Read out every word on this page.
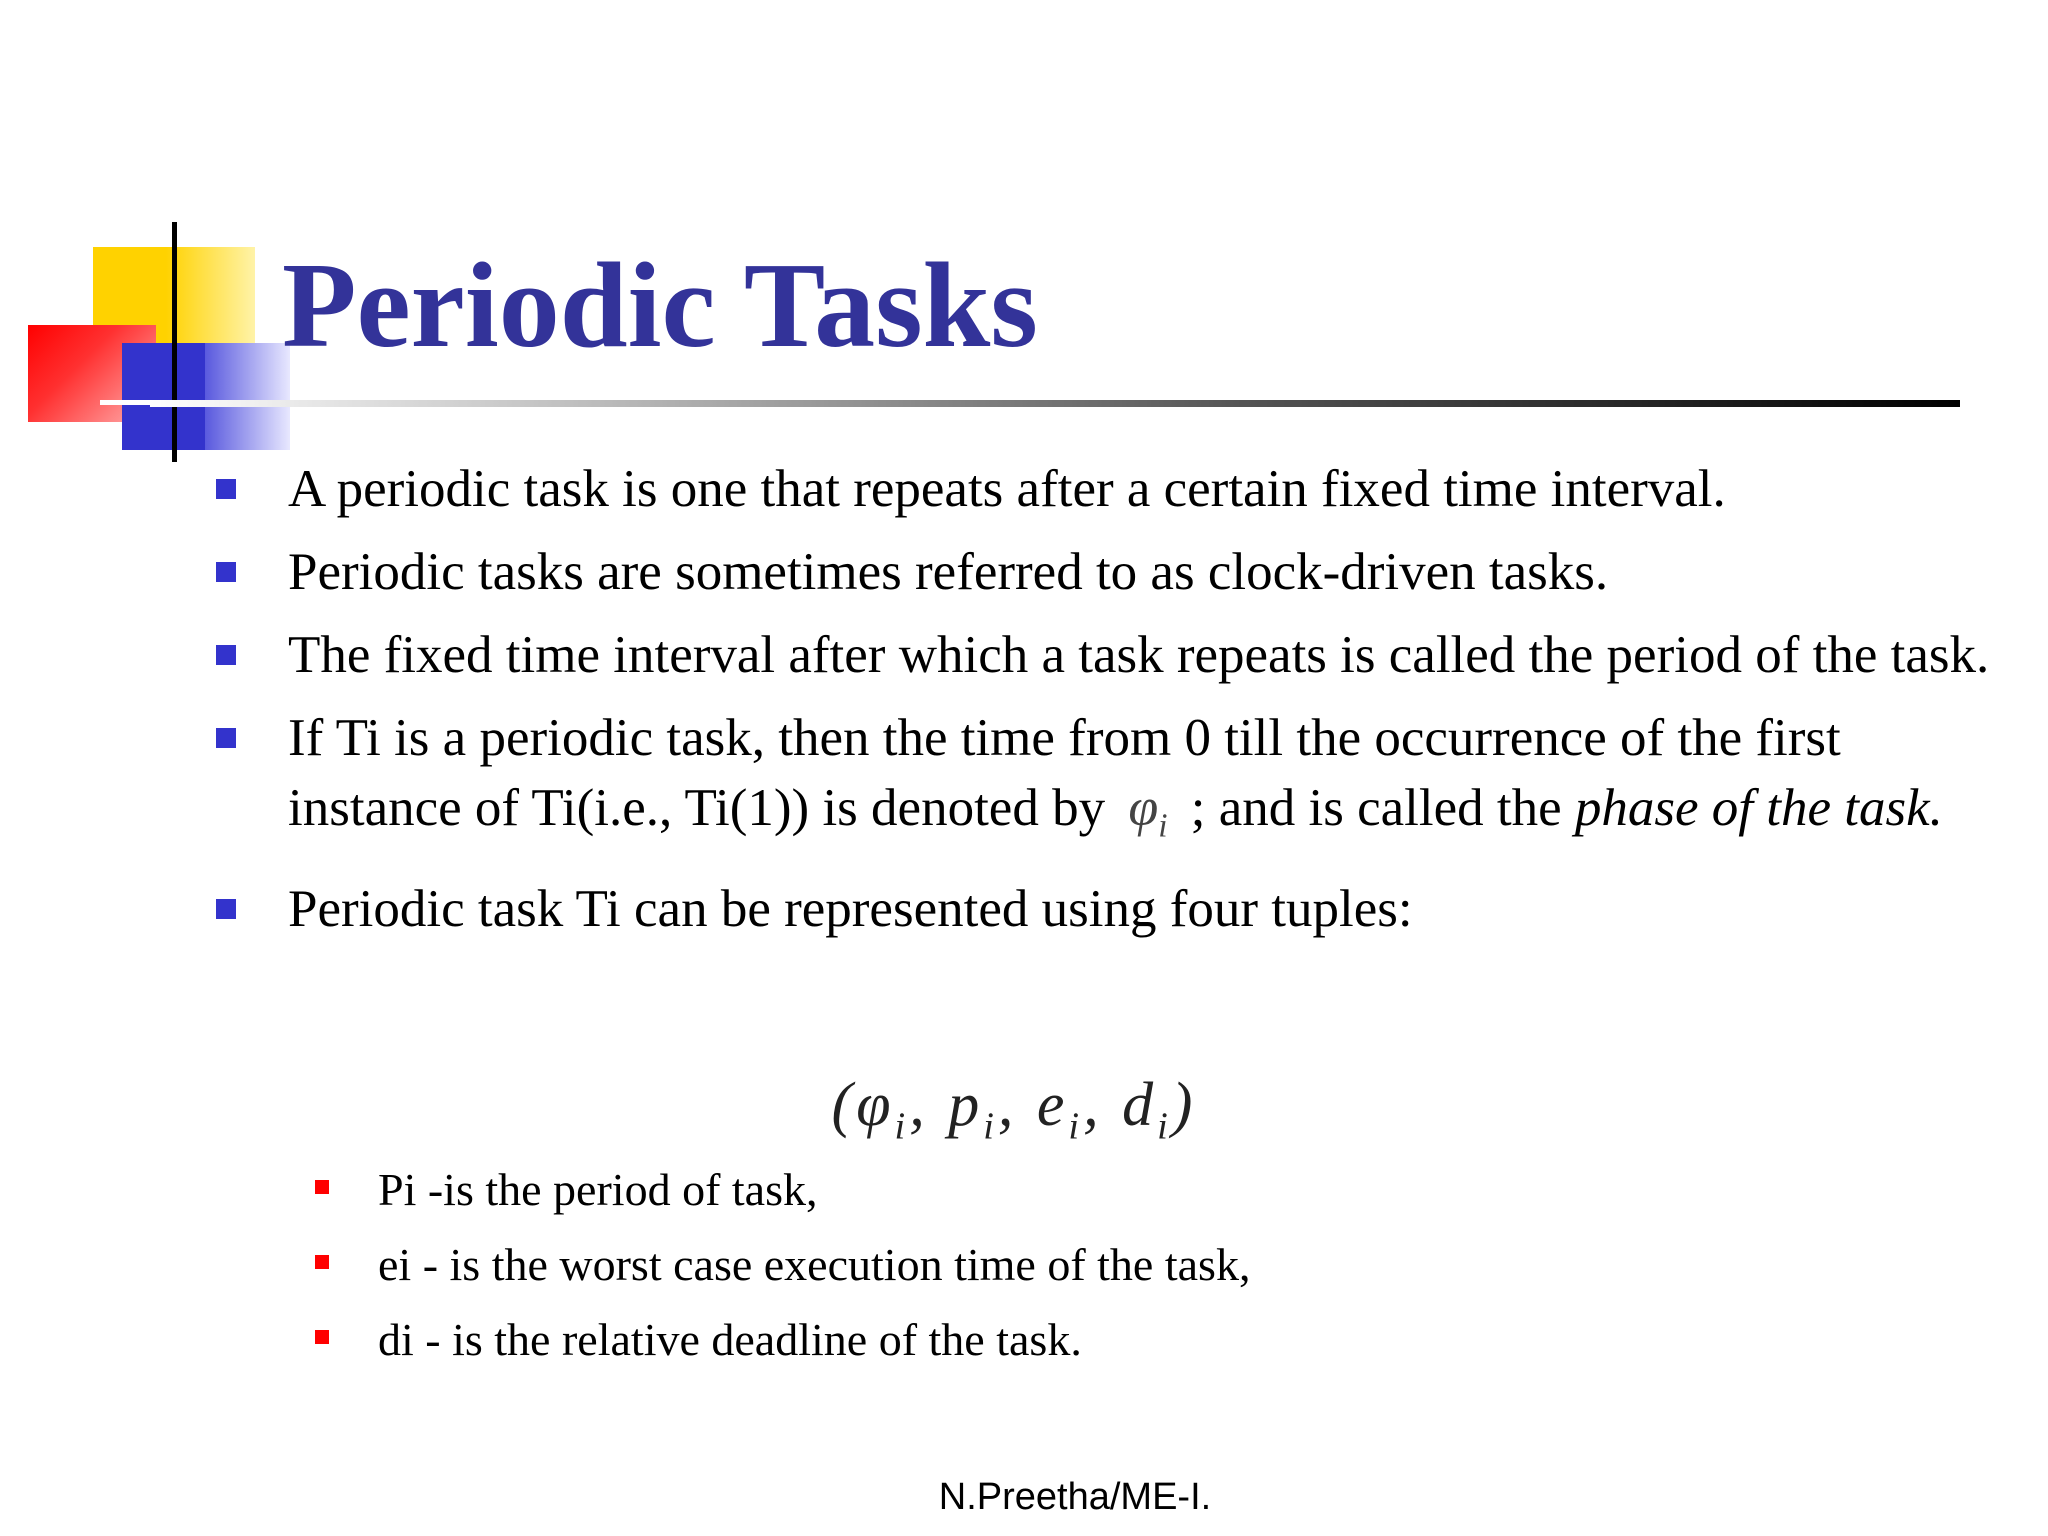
Periodic Tasks
A periodic task is one that repeats after a certain fixed time interval.
Periodic tasks are sometimes referred to as clock-driven tasks.
The fixed time interval after which a task repeats is called the period of the task.
If Ti is a periodic task, then the time from 0 till the occurrence of the first instance of Ti(i.e., Ti(1)) is denoted by $\varphi_i$ ; and is called the phase of the task.
Periodic task Ti can be represented using four tuples:
($\varphi_i$, $p_i$, $e_i$, $d_i$)
Pi -is the period of task,
ei - is the worst case execution time of the task,
di - is the relative deadline of the task.
N.Preetha/ME-I.
